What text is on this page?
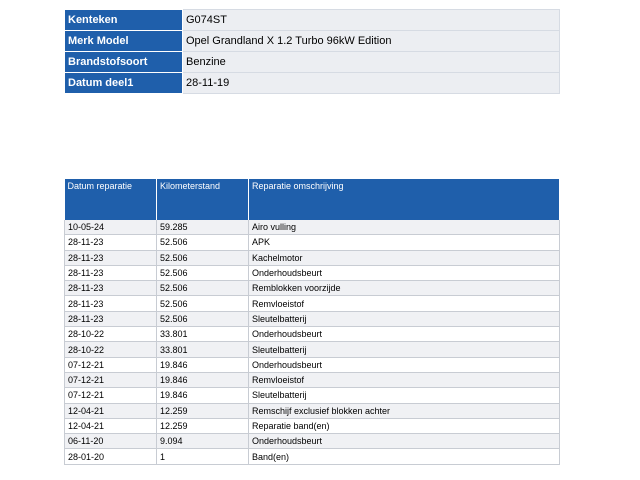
Kenteken	G074ST
Merk Model	Opel Grandland X 1.2 Turbo 96kW Edition
Brandstofsoort	Benzine
Datum deel1	28-11-19
Datum reparatie	Kilometerstand	Reparatie omschrijving
10-05-24	59.285	Airo vulling
28-11-23	52.506	APK
28-11-23	52.506	Kachelmotor
28-11-23	52.506	Onderhoudsbeurt
28-11-23	52.506	Remblokken voorzijde
28-11-23	52.506	Remvloeistof
28-11-23	52.506	Sleutelbatterij
28-10-22	33.801	Onderhoudsbeurt
28-10-22	33.801	Sleutelbatterij
07-12-21	19.846	Onderhoudsbeurt
07-12-21	19.846	Remvloeistof
07-12-21	19.846	Sleutelbatterij
12-04-21	12.259	Remschijf exclusief blokken achter
12-04-21	12.259	Reparatie band(en)
06-11-20	9.094	Onderhoudsbeurt
28-01-20	1	Band(en)
